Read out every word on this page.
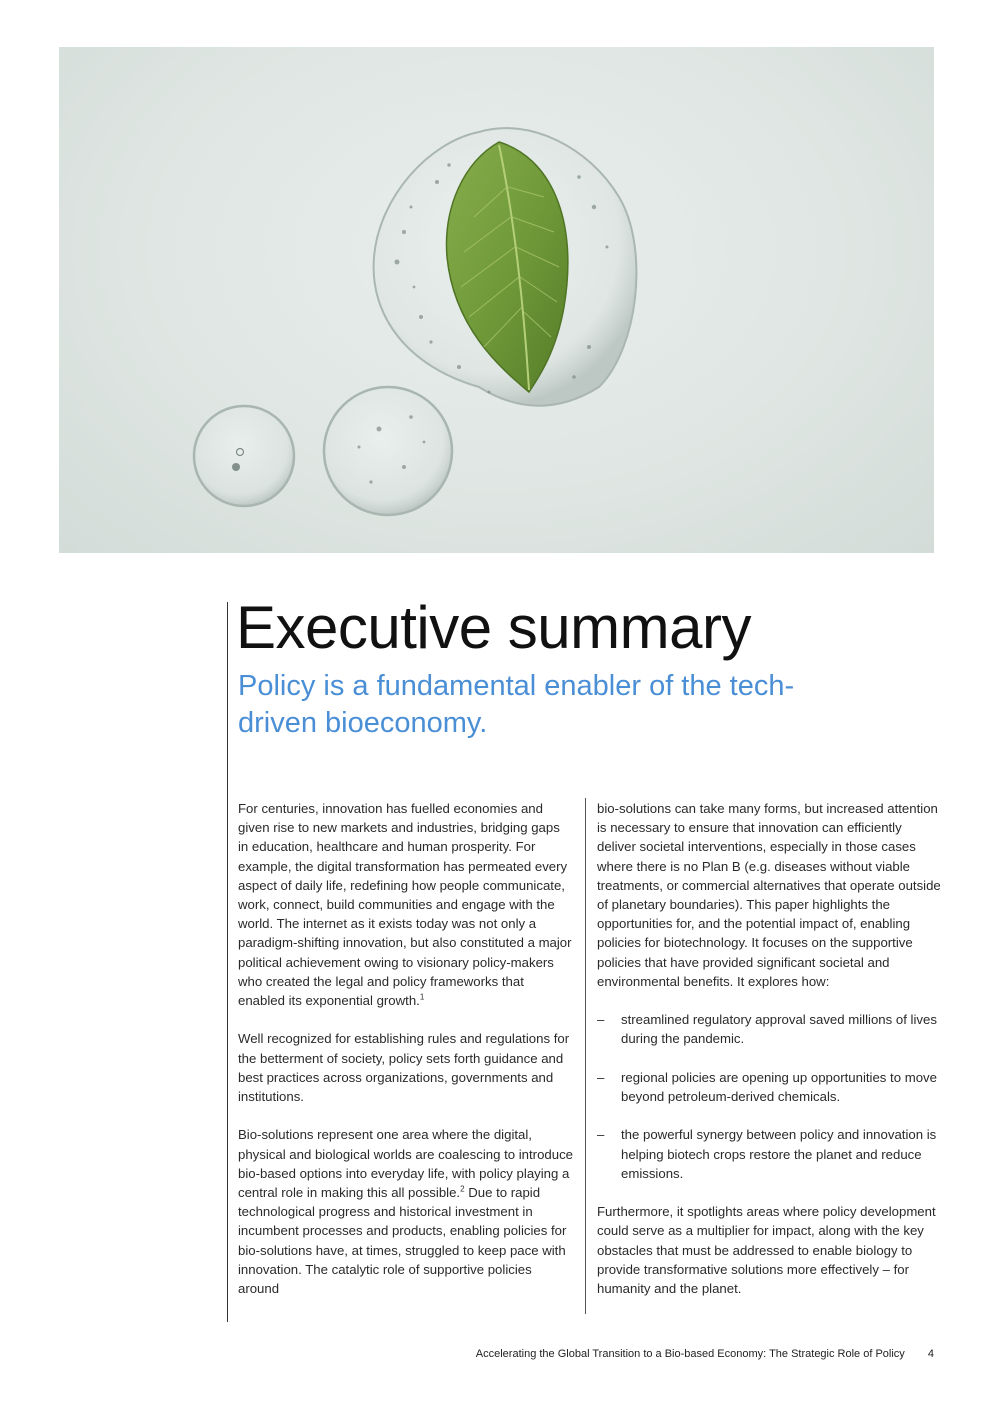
Executive summary
Policy is a fundamental enabler of the tech-driven bioeconomy.

For centuries, innovation has fuelled economies and given rise to new markets and industries, bridging gaps in education, healthcare and human prosperity. For example, the digital transformation has permeated every aspect of daily life, redefining how people communicate, work, connect, build communities and engage with the world. The internet as it exists today was not only a paradigm-shifting innovation, but also constituted a major political achievement owing to visionary policy-makers who created the legal and policy frameworks that enabled its exponential growth.$^1$

Well recognized for establishing rules and regulations for the betterment of society, policy sets forth guidance and best practices across organizations, governments and institutions.

Bio-solutions represent one area where the digital, physical and biological worlds are coalescing to introduce bio-based options into everyday life, with policy playing a central role in making this all possible.$^2$ Due to rapid technological progress and historical investment in incumbent processes and products, enabling policies for bio-solutions have, at times, struggled to keep pace with innovation. The catalytic role of supportive policies around

bio-solutions can take many forms, but increased attention is necessary to ensure that innovation can efficiently deliver societal interventions, especially in those cases where there is no Plan B (e.g. diseases without viable treatments, or commercial alternatives that operate outside of planetary boundaries). This paper highlights the opportunities for, and the potential impact of, enabling policies for biotechnology. It focuses on the supportive policies that have provided significant societal and environmental benefits. It explores how:

– streamlined regulatory approval saved millions of lives during the pandemic.
– regional policies are opening up opportunities to move beyond petroleum-derived chemicals.
– the powerful synergy between policy and innovation is helping biotech crops restore the planet and reduce emissions.

Furthermore, it spotlights areas where policy development could serve as a multiplier for impact, along with the key obstacles that must be addressed to enable biology to provide transformative solutions more effectively – for humanity and the planet.

Accelerating the Global Transition to a Bio-based Economy: The Strategic Role of Policy 4
